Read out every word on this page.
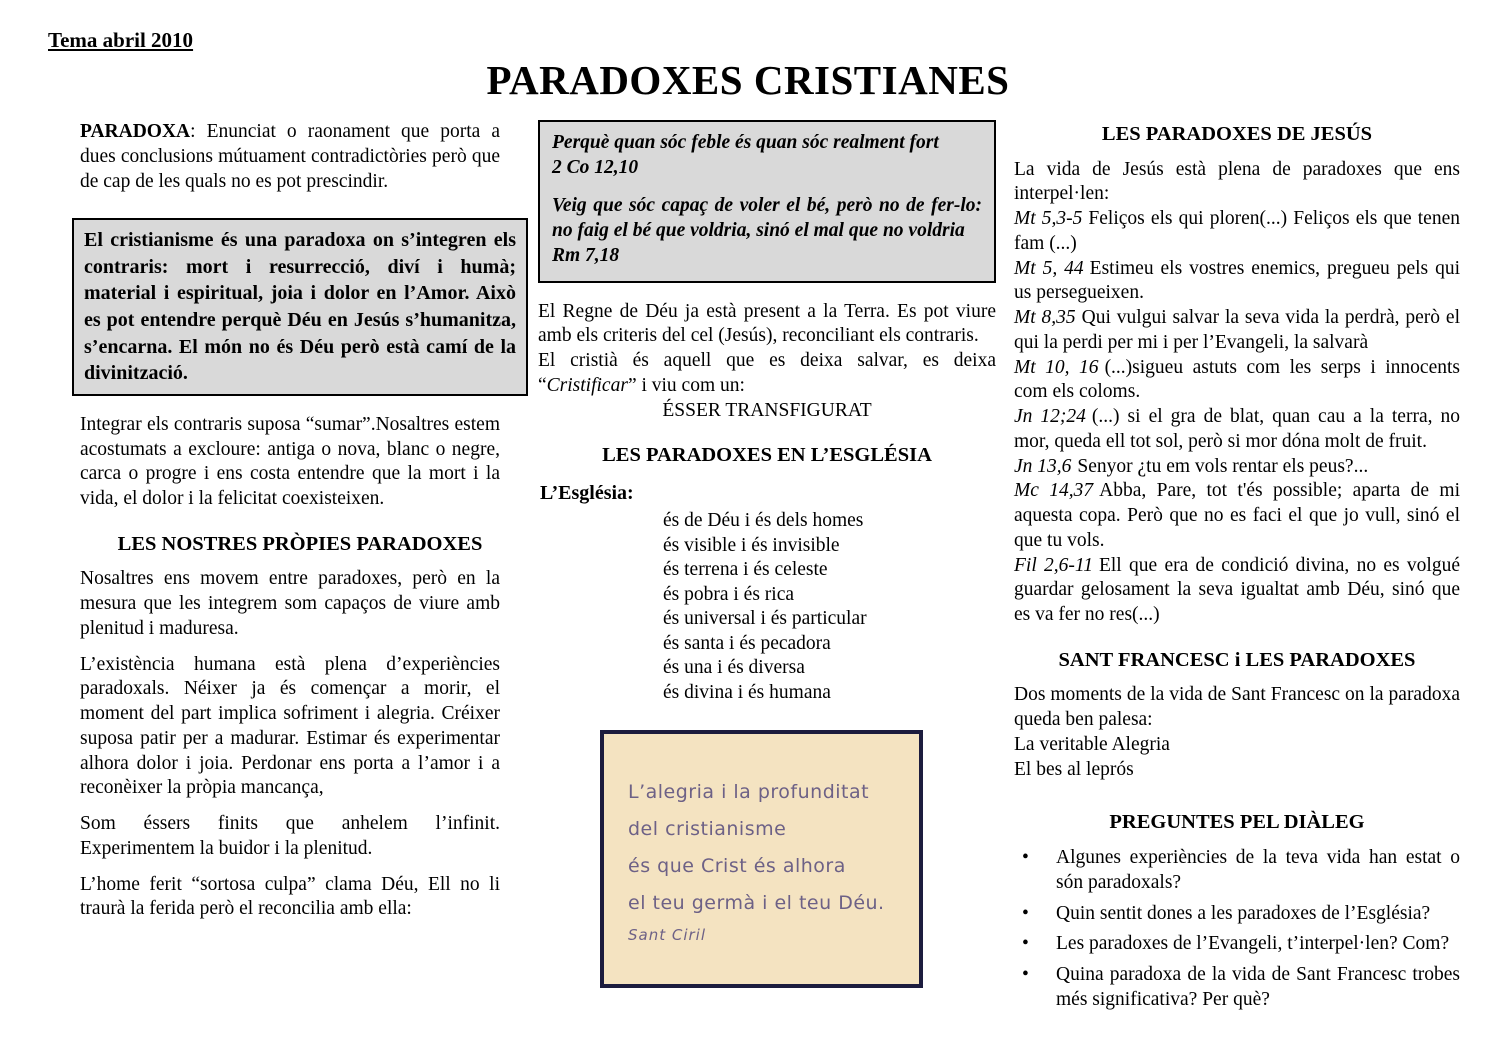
Tema abril 2010
PARADOXES CRISTIANES

PARADOXA: Enunciat o raonament que porta a dues conclusions mútuament contradictòries però que de cap de les quals no es pot prescindir.

El cristianisme és una paradoxa on s’integren els contraris: mort i resurrecció, diví i humà; material i espiritual, joia i dolor en l’Amor. Això es pot entendre perquè Déu en Jesús s’humanitza, s’encarna. El món no és Déu però està camí de la divinització.

Integrar els contraris suposa “sumar”.Nosaltres estem acostumats a excloure: antiga o nova, blanc o negre, carca o progre i ens costa entendre que la mort i la vida, el dolor i la felicitat coexisteixen.

LES NOSTRES PRÒPIES PARADOXES

Nosaltres ens movem entre paradoxes, però en la mesura que les integrem som capaços de viure amb plenitud i maduresa.

L’existència humana està plena d’experiències paradoxals. Néixer ja és començar a morir, el moment del part implica sofriment i alegria. Créixer suposa patir per a madurar. Estimar és experimentar alhora dolor i joia. Perdonar ens porta a l’amor i a reconèixer la pròpia mancança,

Som éssers finits que anhelem l’infinit. Experimentem la buidor i la plenitud.

L’home ferit “sortosa culpa” clama Déu, Ell no li traurà la ferida però el reconcilia amb ella:

Perquè quan sóc feble és quan sóc realment fort
2 Co 12,10
Veig que sóc capaç de voler el bé, però no de fer-lo: no faig el bé que voldria, sinó el mal que no voldria
Rm 7,18

El Regne de Déu ja està present a la Terra. Es pot viure amb els criteris del cel (Jesús), reconciliant els contraris.

El cristià és aquell que es deixa salvar, es deixa “Cristificar” i viu com un:

ÉSSER TRANSFIGURAT
LES PARADOXES EN L’ESGLÉSIA
L’Església:
és de Déu i és dels homes
és visible i és invisible
és terrena i és celeste
és pobra i és rica
és universal i és particular
és santa i és pecadora
és una i és diversa
és divina i és humana
L’alegria i la profunditat
del cristianisme
és que Crist és alhora
el teu germà i el teu Déu.
Sant Ciril
LES PARADOXES DE JESÚS

La vida de Jesús està plena de paradoxes que ens interpel·len:

Mt 5,3-5 Feliços els qui ploren(...) Feliços els que tenen fam (...)

Mt 5, 44 Estimeu els vostres enemics, pregueu pels qui us persegueixen.

Mt 8,35 Qui vulgui salvar la seva vida la perdrà, però el qui la perdi per mi i per l’Evangeli, la salvarà

Mt 10, 16 (...)sigueu astuts com les serps i innocents com els coloms.

Jn 12;24 (...) si el gra de blat, quan cau a la terra, no mor, queda ell tot sol, però si mor dóna molt de fruit.

Jn 13,6 Senyor ¿tu em vols rentar els peus?...

Mc 14,37 Abba, Pare, tot t'és possible; aparta de mi aquesta copa. Però que no es faci el que jo vull, sinó el que tu vols.

Fil 2,6-11 Ell que era de condició divina, no es volgué guardar gelosament la seva igualtat amb Déu, sinó que es va fer no res(...)

SANT FRANCESC i LES PARADOXES

Dos moments de la vida de Sant Francesc on la paradoxa queda ben palesa:

La veritable Alegria
El bes al leprós
PREGUNTES PEL DIÀLEG
•	Algunes experiències de la teva vida han estat o són paradoxals?
•	Quin sentit dones a les paradoxes de l’Església?
•	Les paradoxes de l’Evangeli, t’interpel·len? Com?
•	Quina paradoxa de la vida de Sant Francesc trobes més significativa? Per què?
